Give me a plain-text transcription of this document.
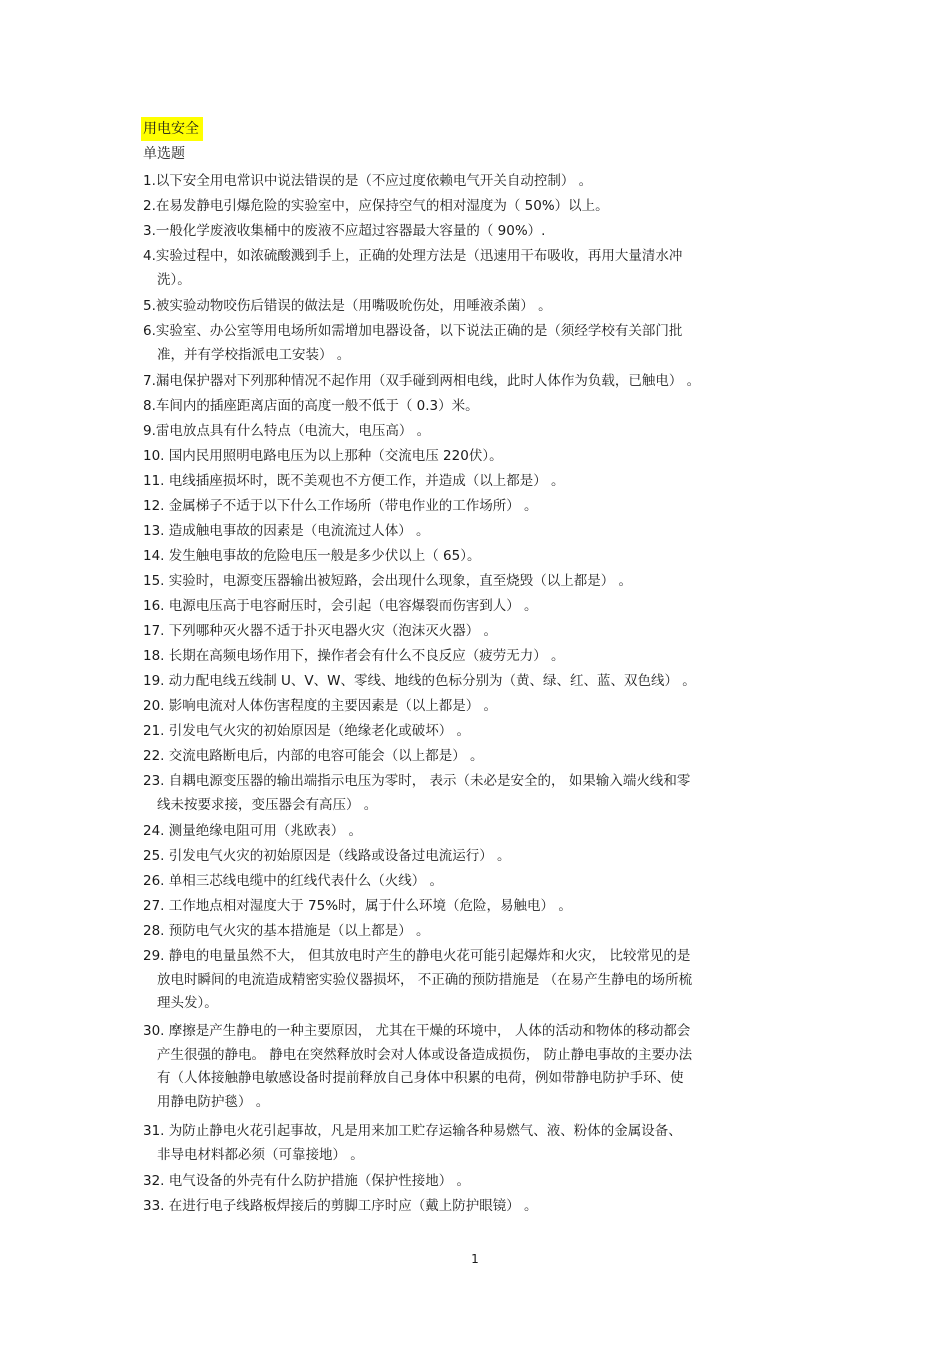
用电安全
单选题
1.以下安全用电常识中说法错误的是（不应过度依赖电气开关自动控制） 。
2.在易发静电引爆危险的实验室中，应保持空气的相对湿度为（ 50%）以上。
3.一般化学废液收集桶中的废液不应超过容器最大容量的（ 90%）.
4.实验过程中，如浓硫酸溅到手上，正确的处理方法是（迅速用干布吸收，再用大量清水冲
洗）。
5.被实验动物咬伤后错误的做法是（用嘴吸吮伤处，用唾液杀菌） 。
6.实验室、办公室等用电场所如需增加电器设备，以下说法正确的是（须经学校有关部门批
准，并有学校指派电工安装） 。
7.漏电保护器对下列那种情况不起作用（双手碰到两相电线，此时人体作为负载，已触电） 。
8.车间内的插座距离店面的高度一般不低于（ 0.3）米。
9.雷电放点具有什么特点（电流大，电压高） 。
10. 国内民用照明电路电压为以上那种（交流电压 220伏）。
11. 电线插座损坏时，既不美观也不方便工作，并造成（以上都是） 。
12. 金属梯子不适于以下什么工作场所（带电作业的工作场所） 。
13. 造成触电事故的因素是（电流流过人体） 。
14. 发生触电事故的危险电压一般是多少伏以上（ 65）。
15. 实验时，电源变压器输出被短路，会出现什么现象，直至烧毁（以上都是） 。
16. 电源电压高于电容耐压时，会引起（电容爆裂而伤害到人） 。
17. 下列哪种灭火器不适于扑灭电器火灾（泡沫灭火器） 。
18. 长期在高频电场作用下，操作者会有什么不良反应（疲劳无力） 。
19. 动力配电线五线制 U、V、W、零线、地线的色标分别为（黄、绿、红、蓝、双色线） 。
20. 影响电流对人体伤害程度的主要因素是（以上都是） 。
21. 引发电气火灾的初始原因是（绝缘老化或破坏） 。
22. 交流电路断电后，内部的电容可能会（以上都是） 。
23. 自耦电源变压器的输出端指示电压为零时， 表示（未必是安全的， 如果输入端火线和零
线未按要求接，变压器会有高压） 。
24. 测量绝缘电阻可用（兆欧表） 。
25. 引发电气火灾的初始原因是（线路或设备过电流运行） 。
26. 单相三芯线电缆中的红线代表什么（火线） 。
27. 工作地点相对湿度大于 75%时，属于什么环境（危险，易触电） 。
28. 预防电气火灾的基本措施是（以上都是） 。
29. 静电的电量虽然不大， 但其放电时产生的静电火花可能引起爆炸和火灾， 比较常见的是
放电时瞬间的电流造成精密实验仪器损坏， 不正确的预防措施是 （在易产生静电的场所梳
理头发）。
30. 摩擦是产生静电的一种主要原因， 尤其在干燥的环境中， 人体的活动和物体的移动都会
产生很强的静电。 静电在突然释放时会对人体或设备造成损伤， 防止静电事故的主要办法
有（人体接触静电敏感设备时提前释放自己身体中积累的电荷，例如带静电防护手环、使
用静电防护毯） 。
31. 为防止静电火花引起事故，凡是用来加工贮存运输各种易燃气、液、粉体的金属设备、
非导电材料都必须（可靠接地） 。
32. 电气设备的外壳有什么防护措施（保护性接地） 。
33. 在进行电子线路板焊接后的剪脚工序时应（戴上防护眼镜） 。
1
